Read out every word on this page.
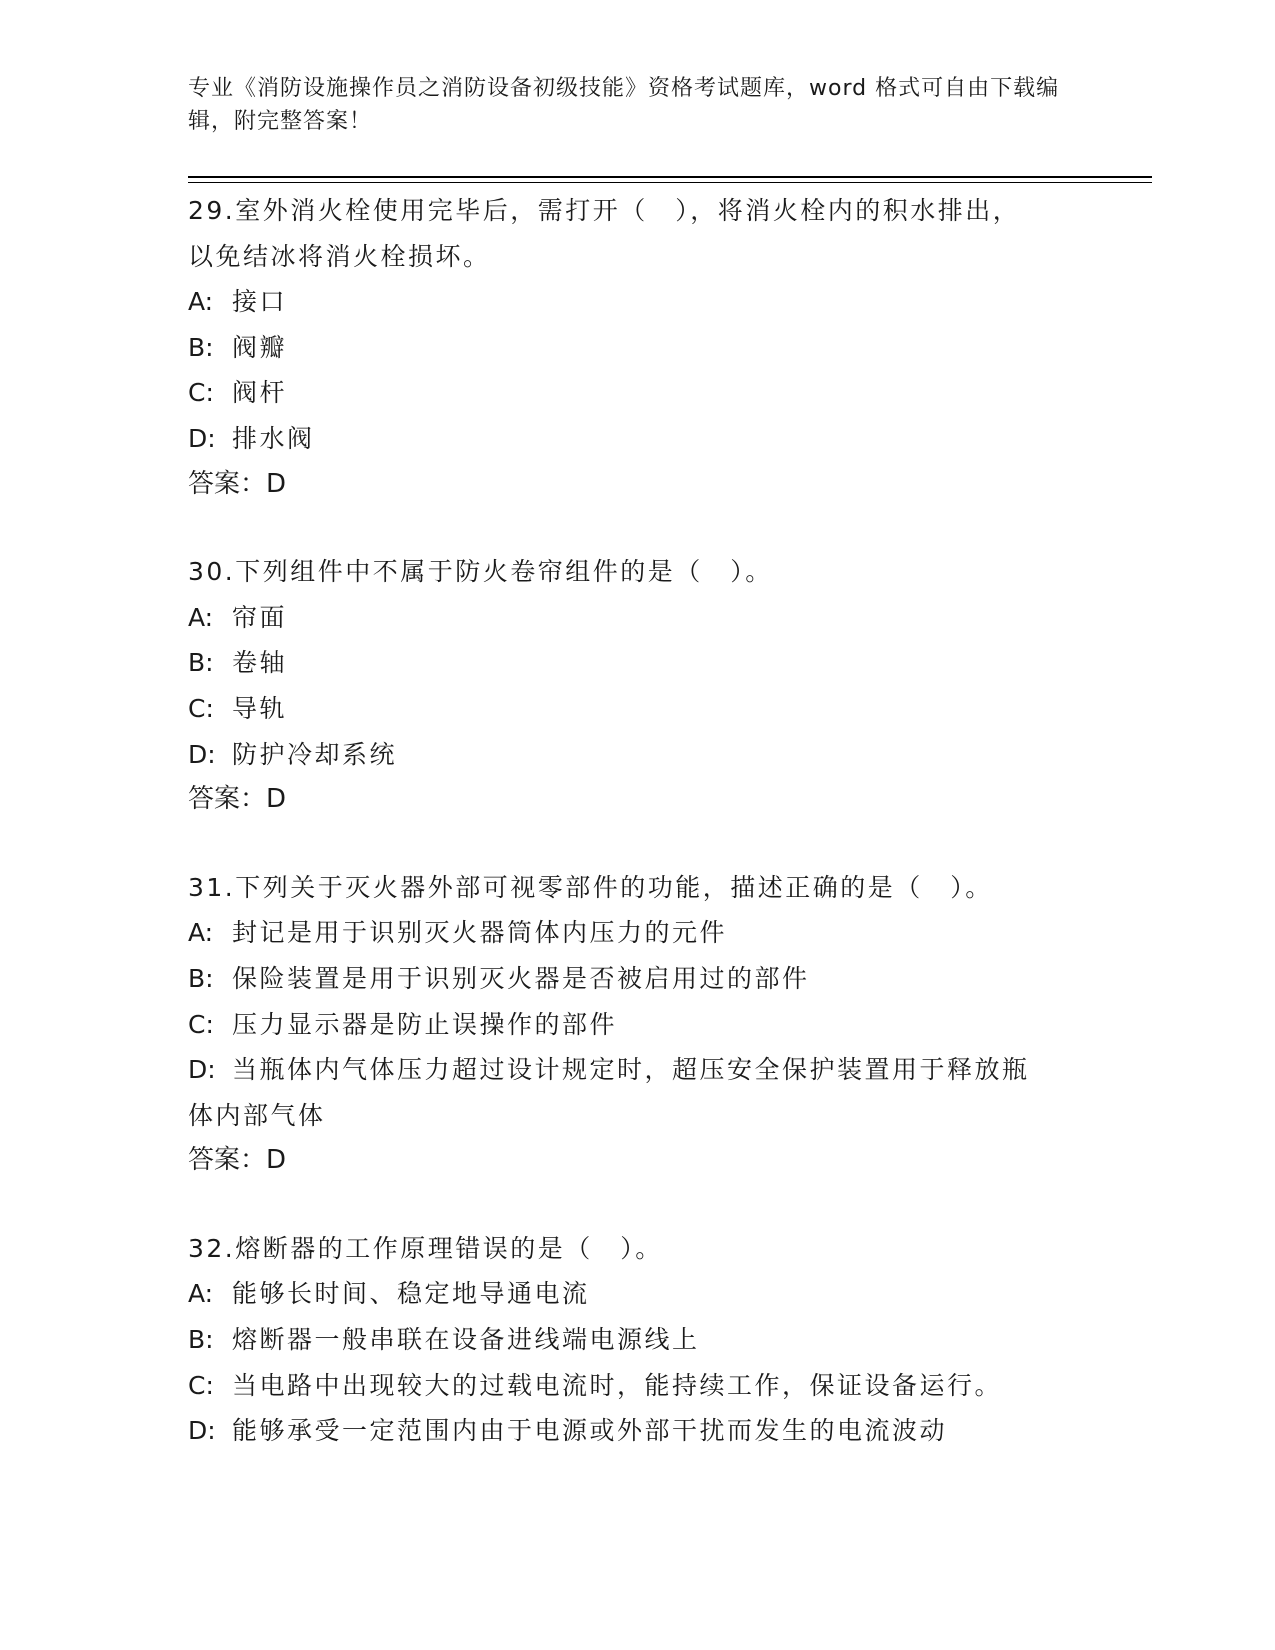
专业《消防设施操作员之消防设备初级技能》资格考试题库，word 格式可自由下载编辑，附完整答案！
29.室外消火栓使用完毕后，需打开（　），将消火栓内的积水排出，
以免结冰将消火栓损坏。
A: 接口
B: 阀瓣
C: 阀杆
D: 排水阀
答案：D
30.下列组件中不属于防火卷帘组件的是（　）。
A: 帘面
B: 卷轴
C: 导轨
D: 防护冷却系统
答案：D
31.下列关于灭火器外部可视零部件的功能，描述正确的是（　）。
A: 封记是用于识别灭火器筒体内压力的元件
B: 保险装置是用于识别灭火器是否被启用过的部件
C: 压力显示器是防止误操作的部件
D: 当瓶体内气体压力超过设计规定时，超压安全保护装置用于释放瓶
体内部气体
答案：D
32.熔断器的工作原理错误的是（　）。
A: 能够长时间、稳定地导通电流
B: 熔断器一般串联在设备进线端电源线上
C: 当电路中出现较大的过载电流时，能持续工作，保证设备运行。
D: 能够承受一定范围内由于电源或外部干扰而发生的电流波动
